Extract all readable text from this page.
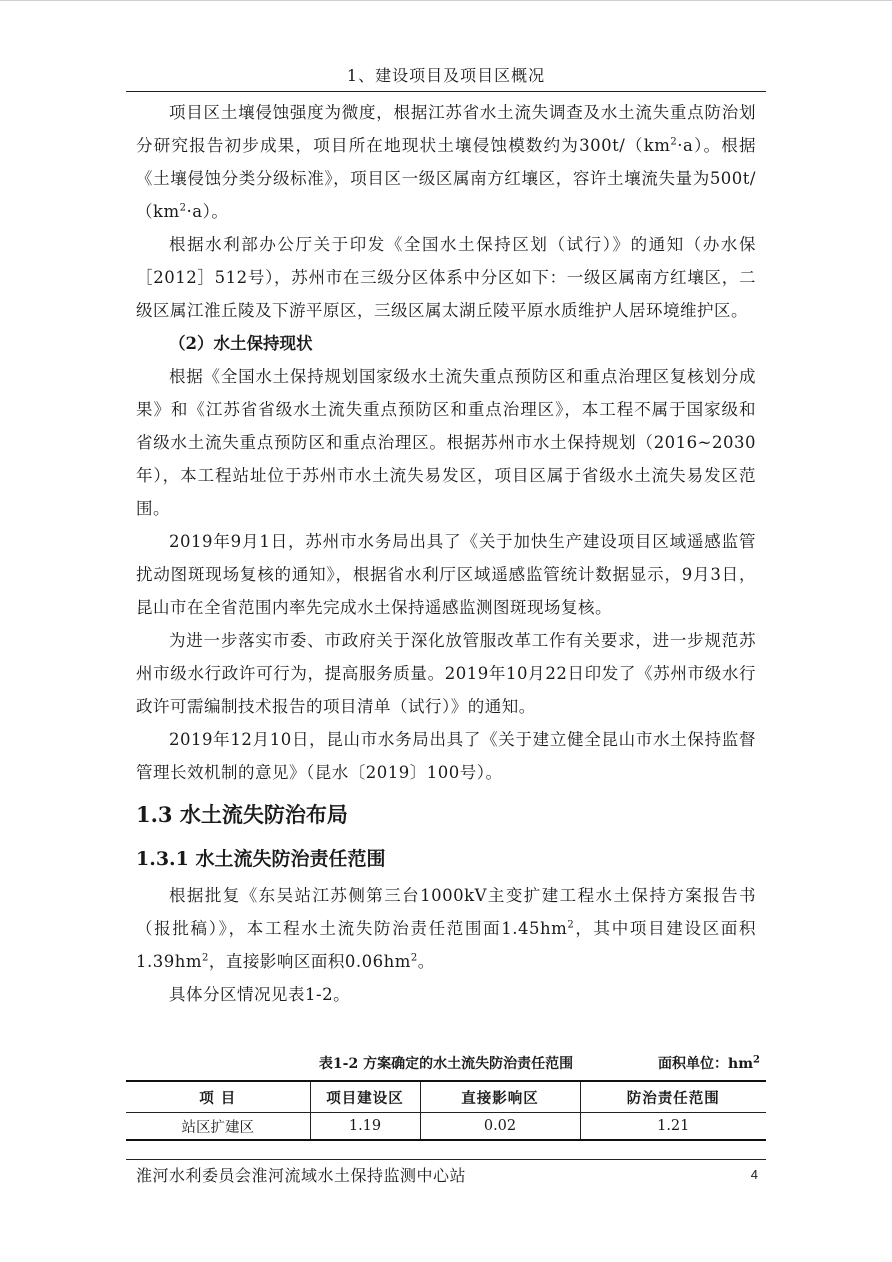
1、建设项目及项目区概况

项目区土壤侵蚀强度为微度，根据江苏省水土流失调查及水土流失重点防治划分研究报告初步成果，项目所在地现状土壤侵蚀模数约为$300t/(km^2\cdot a)$。根据《土壤侵蚀分类分级标准》，项目区一级区属南方红壤区，容许土壤流失量为$500t/(km^2\cdot a)$。

根据水利部办公厅关于印发《全国水土保持区划（试行）》的通知（办水保［2012］512号），苏州市在三级分区体系中分区如下：一级区属南方红壤区，二级区属江淮丘陵及下游平原区，三级区属太湖丘陵平原水质维护人居环境维护区。

（2）水土保持现状

根据《全国水土保持规划国家级水土流失重点预防区和重点治理区复核划分成果》和《江苏省省级水土流失重点预防区和重点治理区》，本工程不属于国家级和省级水土流失重点预防区和重点治理区。根据苏州市水土保持规划（2016~2030年），本工程站址位于苏州市水土流失易发区，项目区属于省级水土流失易发区范围。

2019年9月1日，苏州市水务局出具了《关于加快生产建设项目区域遥感监管扰动图斑现场复核的通知》，根据省水利厅区域遥感监管统计数据显示，9月3日，昆山市在全省范围内率先完成水土保持遥感监测图斑现场复核。

为进一步落实市委、市政府关于深化放管服改革工作有关要求，进一步规范苏州市级水行政许可行为，提高服务质量。2019年10月22日印发了《苏州市级水行政许可需编制技术报告的项目清单（试行）》的通知。

2019年12月10日，昆山市水务局出具了《关于建立健全昆山市水土保持监督管理长效机制的意见》（昆水〔2019〕100号）。

1.3 水土流失防治布局
1.3.1 水土流失防治责任范围

根据批复《东吴站江苏侧第三台1000kV主变扩建工程水土保持方案报告书（报批稿）》，本工程水土流失防治责任范围面$1.45hm^2$，其中项目建设区面积$1.39hm^2$，直接影响区面积$0.06hm^2$。

具体分区情况见表1-2。

表1-2 方案确定的水土流失防治责任范围	面积单位：$hm^2$
项 目	项目建设区	直接影响区	防治责任范围
站区扩建区	1.19	0.02	1.21
淮河水利委员会淮河流域水土保持监测中心站	4
